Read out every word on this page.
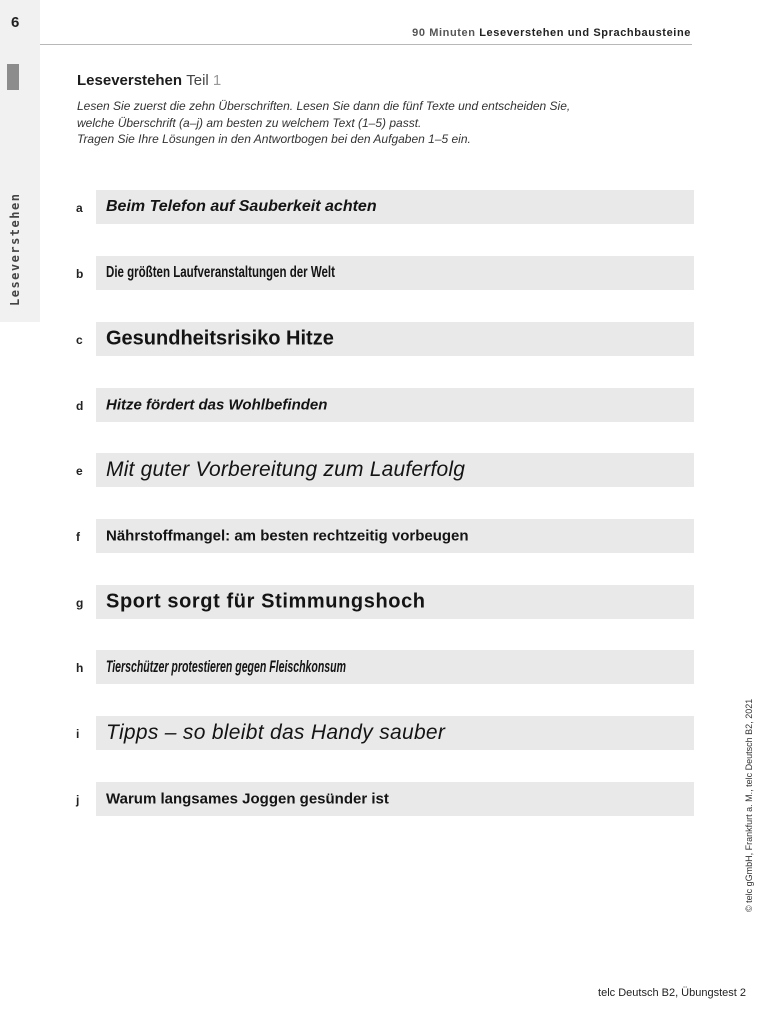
6
Leseverstehen
90 Minuten Leseverstehen und Sprachbausteine
Leseverstehen Teil 1

Lesen Sie zuerst die zehn Überschriften. Lesen Sie dann die fünf Texte und entscheiden Sie,

welche Überschrift (a–j) am besten zu welchem Text (1–5) passt.

Tragen Sie Ihre Lösungen in den Antwortbogen bei den Aufgaben 1–5 ein.

a	Beim Telefon auf Sauberkeit achten
b	Die größten Laufveranstaltungen der Welt
c	Gesundheitsrisiko Hitze
d	Hitze fördert das Wohlbefinden
e	Mit guter Vorbereitung zum Lauferfolg
f	Nährstoffmangel: am besten rechtzeitig vorbeugen
g	Sport sorgt für Stimmungshoch
h	Tierschützer protestieren gegen Fleischkonsum
i	Tipps – so bleibt das Handy sauber
j	Warum langsames Joggen gesünder ist	© telc gGmbH, Frankfurt a. M., telc Deutsch B2, 2021
telc Deutsch B2, Übungstest 2
